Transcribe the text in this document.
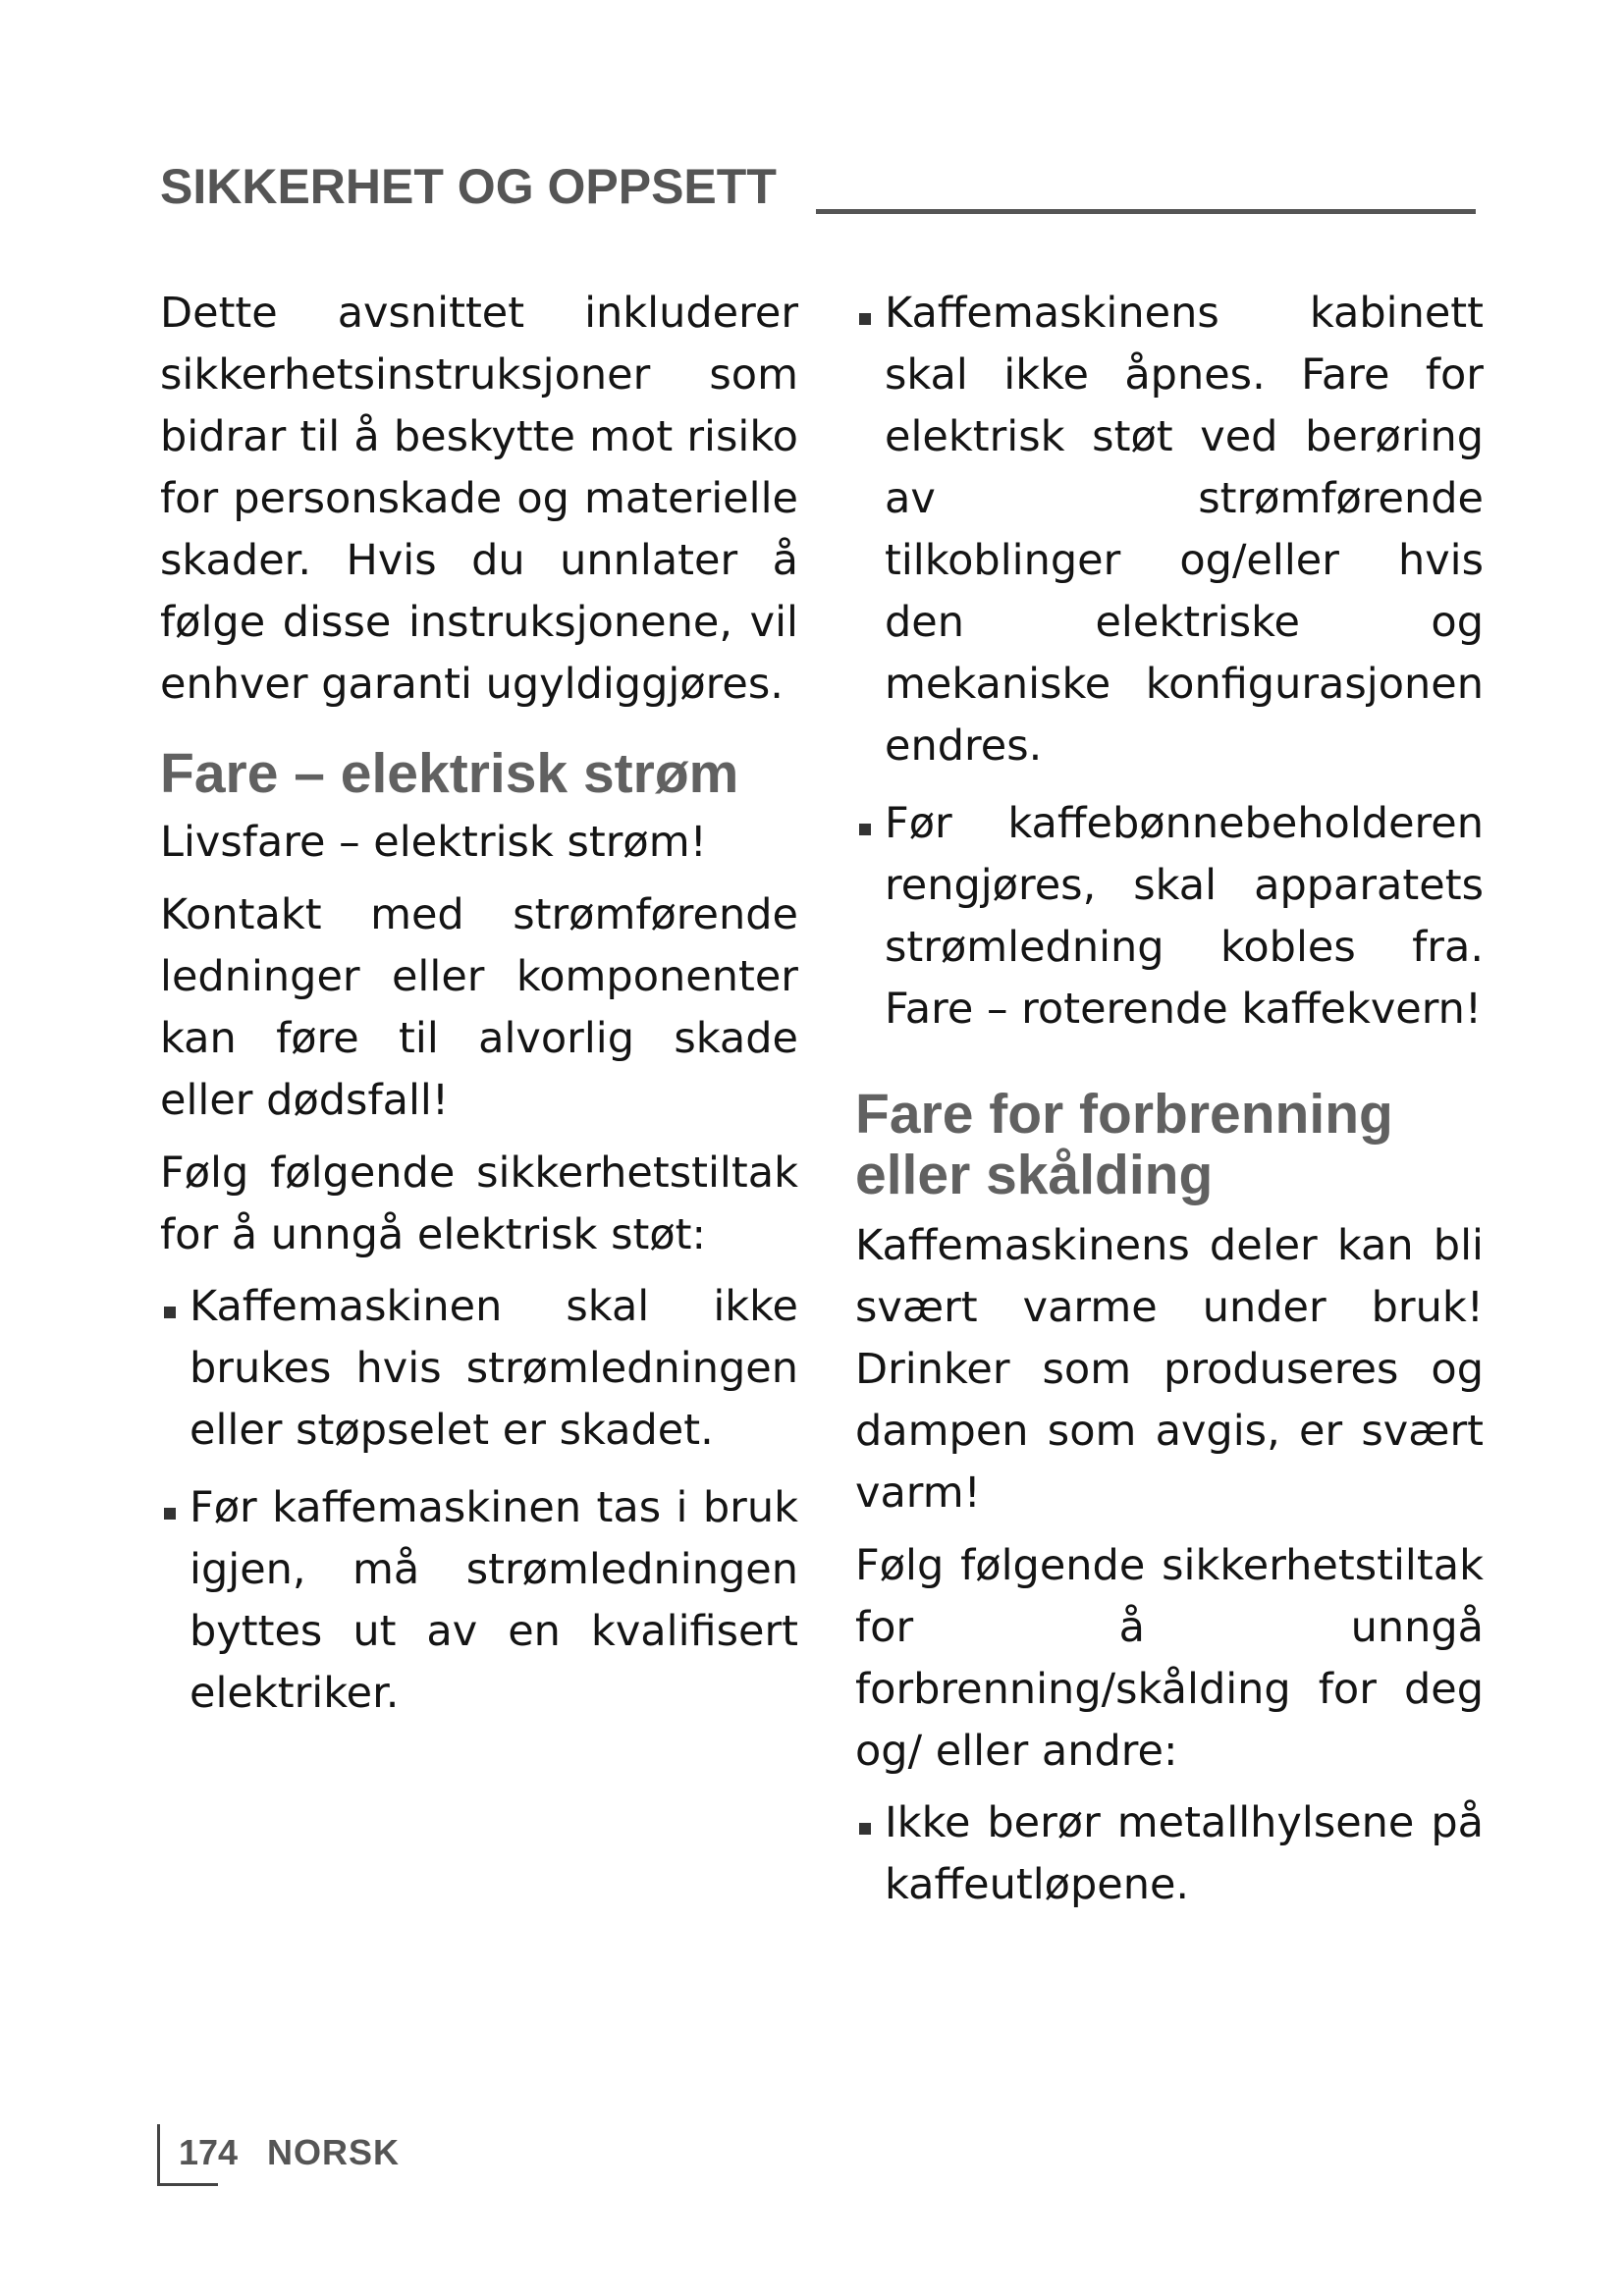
SIKKERHET OG OPPSETT

Dette avsnittet inkluderer sikkerhetsinstruksjoner som bidrar til å beskytte mot risiko for personskade og materielle skader. Hvis du unnlater å følge disse instruksjonene, vil enhver garanti ugyldiggjøres.

Fare – elektrisk strøm

Livsfare – elektrisk strøm!

Kontakt med strømførende ledninger eller komponenter kan føre til alvorlig skade eller dødsfall!

Følg følgende sikkerhetstiltak for å unngå elektrisk støt:

Kaffemaskinen skal ikke brukes hvis strømledningen eller støpselet er skadet.
Før kaffemaskinen tas i bruk igjen, må strømledningen byttes ut av en kvalifisert elektriker.
Kaffemaskinens kabinett skal ikke åpnes. Fare for elektrisk støt ved berøring av strømførende tilkoblinger og/eller hvis den elektriske og mekaniske konfigurasjonen endres.
Før kaffebønnebeholderen rengjøres, skal apparatets strømledning kobles fra. Fare – roterende kaffekvern!
Fare for forbrenning eller skålding

Kaffemaskinens deler kan bli svært varme under bruk! Drinker som produseres og dampen som avgis, er svært varm!

Følg følgende sikkerhetstiltak for å unngå forbrenning/skålding for deg og/ eller andre:

Ikke berør metallhylsene på kaffeutløpene.
174 NORSK
